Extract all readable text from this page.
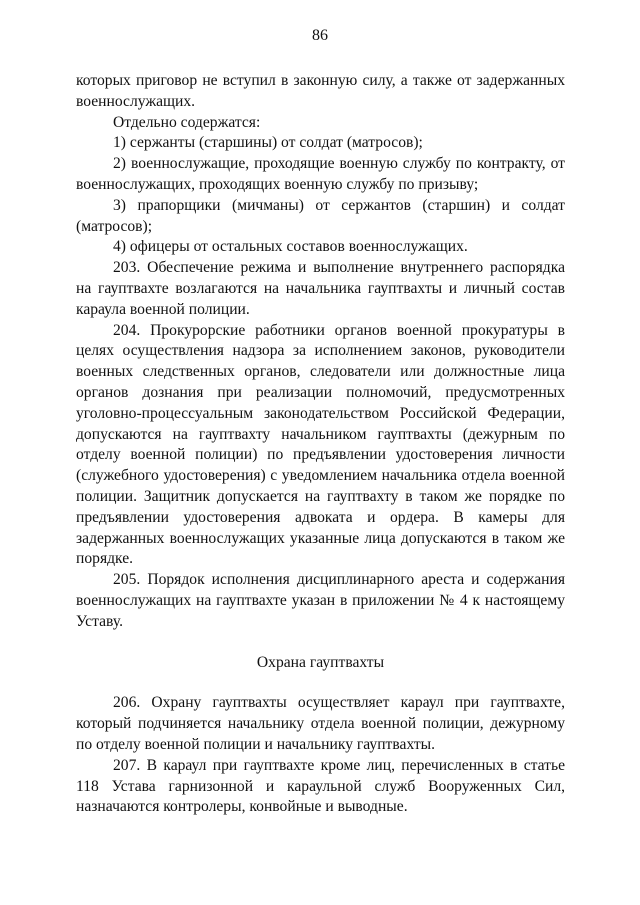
86

которых приговор не вступил в законную силу, а также от задержанных военнослужащих.

Отдельно содержатся:

1) сержанты (старшины) от солдат (матросов);

2) военнослужащие, проходящие военную службу по контракту, от военнослужащих, проходящих военную службу по призыву;

3) прапорщики (мичманы) от сержантов (старшин) и солдат (матросов);

4) офицеры от остальных составов военнослужащих.

203. Обеспечение режима и выполнение внутреннего распорядка на гауптвахте возлагаются на начальника гауптвахты и личный состав караула военной полиции.

204. Прокурорские работники органов военной прокуратуры в целях осуществления надзора за исполнением законов, руководители военных следственных органов, следователи или должностные лица органов дознания при реализации полномочий, предусмотренных уголовно-процессуальным законодательством Российской Федерации, допускаются на гауптвахту начальником гауптвахты (дежурным по отделу военной полиции) по предъявлении удостоверения личности (служебного удостоверения) с уведомлением начальника отдела военной полиции. Защитник допускается на гауптвахту в таком же порядке по предъявлении удостоверения адвоката и ордера. В камеры для задержанных военнослужащих указанные лица допускаются в таком же порядке.

205. Порядок исполнения дисциплинарного ареста и содержания военнослужащих на гауптвахте указан в приложении № 4 к настоящему Уставу.

Охрана гауптвахты

206. Охрану гауптвахты осуществляет караул при гауптвахте, который подчиняется начальнику отдела военной полиции, дежурному по отделу военной полиции и начальнику гауптвахты.

207. В караул при гауптвахте кроме лиц, перечисленных в статье 118 Устава гарнизонной и караульной служб Вооруженных Сил, назначаются контролеры, конвойные и выводные.
